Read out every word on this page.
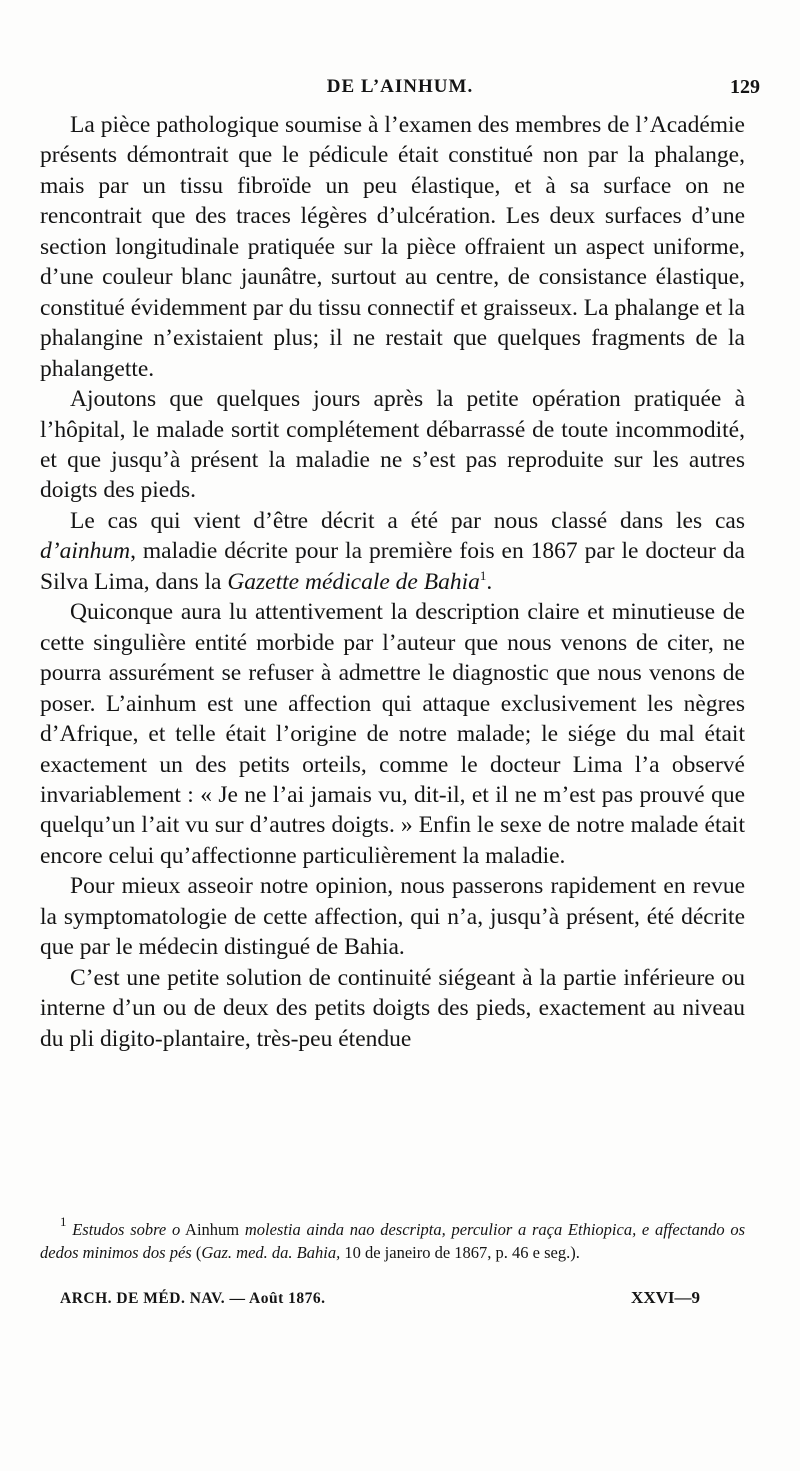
DE L’AINHUM.	129

La pièce pathologique soumise à l’examen des membres de l’Académie présents démontrait que le pédicule était constitué non par la phalange, mais par un tissu fibroïde un peu élastique, et à sa surface on ne rencontrait que des traces légères d’ulcération. Les deux surfaces d’une section longitudinale pratiquée sur la pièce offraient un aspect uniforme, d’une couleur blanc jaunâtre, surtout au centre, de consistance élastique, constitué évidemment par du tissu connectif et graisseux. La phalange et la phalangine n’existaient plus; il ne restait que quelques fragments de la phalangette.

Ajoutons que quelques jours après la petite opération pratiquée à l’hôpital, le malade sortit complétement débarrassé de toute incommodité, et que jusqu’à présent la maladie ne s’est pas reproduite sur les autres doigts des pieds.

Le cas qui vient d’être décrit a été par nous classé dans les cas d’ainhum, maladie décrite pour la première fois en 1867 par le docteur da Silva Lima, dans la Gazette médicale de Bahia$^1$.

Quiconque aura lu attentivement la description claire et minutieuse de cette singulière entité morbide par l’auteur que nous venons de citer, ne pourra assurément se refuser à admettre le diagnostic que nous venons de poser. L’ainhum est une affection qui attaque exclusivement les nègres d’Afrique, et telle était l’origine de notre malade; le siége du mal était exactement un des petits orteils, comme le docteur Lima l’a observé invariablement : « Je ne l’ai jamais vu, dit-il, et il ne m’est pas prouvé que quelqu’un l’ait vu sur d’autres doigts. » Enfin le sexe de notre malade était encore celui qu’affectionne particulièrement la maladie.

Pour mieux asseoir notre opinion, nous passerons rapidement en revue la symptomatologie de cette affection, qui n’a, jusqu’à présent, été décrite que par le médecin distingué de Bahia.

C’est une petite solution de continuité siégeant à la partie inférieure ou interne d’un ou de deux des petits doigts des pieds, exactement au niveau du pli digito-plantaire, très-peu étendue

$^1$ Estudos sobre o Ainhum molestia ainda nao descripta, perculior a raça Ethiopica, e affectando os dedos minimos dos pés (Gaz. med. da. Bahia, 10 de janeiro de 1867, p. 46 e seg.).

ARCH. DE MÉD. NAV. — Août 1876.	XXVI—9
